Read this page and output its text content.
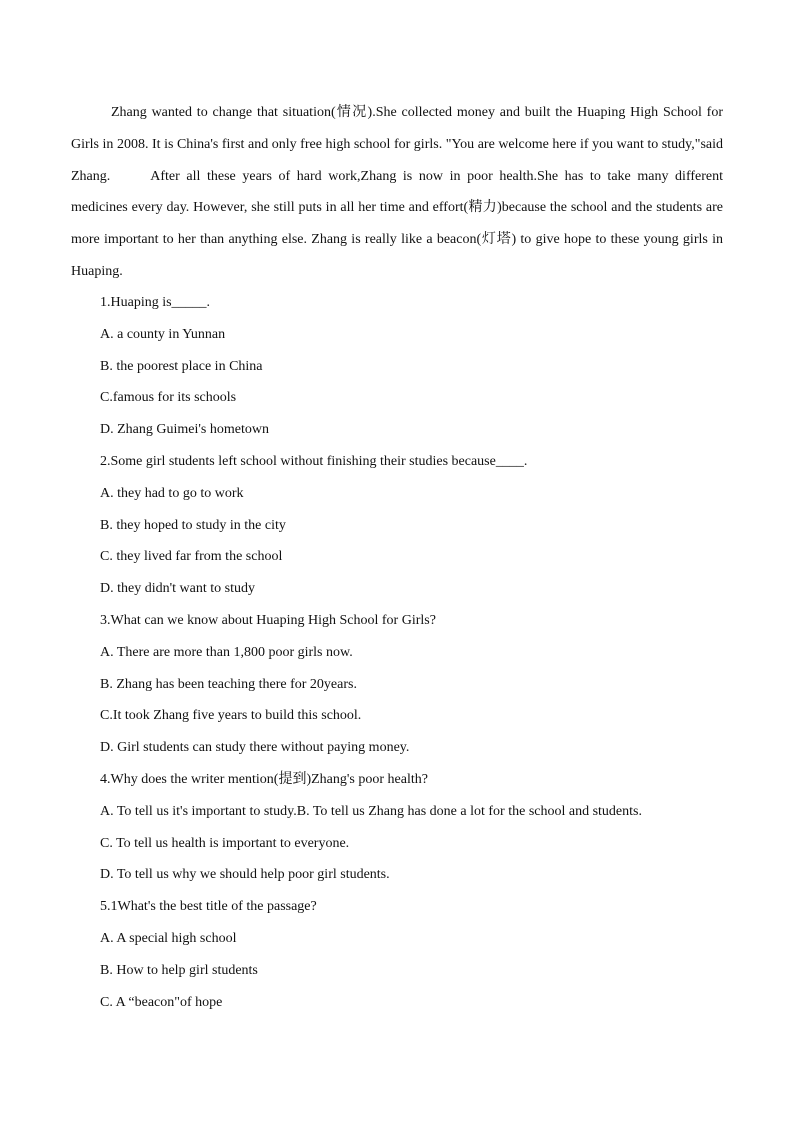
Zhang wanted to change that situation(情况).She collected money and built the Huaping High School for Girls in 2008. It is China's first and only free high school for girls. "You are welcome here if you want to study,"said Zhang.	After all these years of hard work,Zhang is now in poor health.She has to take many different medicines every day. However, she still puts in all her time and effort(精力)because the school and the students are more important to her than anything else. Zhang is really like a beacon(灯塔) to give hope to these young girls in Huaping.

1.Huaping is_____.
A. a county in Yunnan
B. the poorest place in China
C.famous for its schools
D. Zhang Guimei's hometown
2.Some girl students left school without finishing their studies because____.
A. they had to go to work
B. they hoped to study in the city
C. they lived far from the school
D. they didn't want to study
3.What can we know about Huaping High School for Girls?
A. There are more than 1,800 poor girls now.
B. Zhang has been teaching there for 20years.
C.It took Zhang five years to build this school.
D. Girl students can study there without paying money.
4.Why does the writer mention(提到)Zhang's poor health?
A. To tell us it's important to study.B. To tell us Zhang has done a lot for the school and students.
C. To tell us health is important to everyone.
D. To tell us why we should help poor girl students.
5.1What's the best title of the passage?
A. A special high school
B. How to help girl students
C. A “beacon"of hope
